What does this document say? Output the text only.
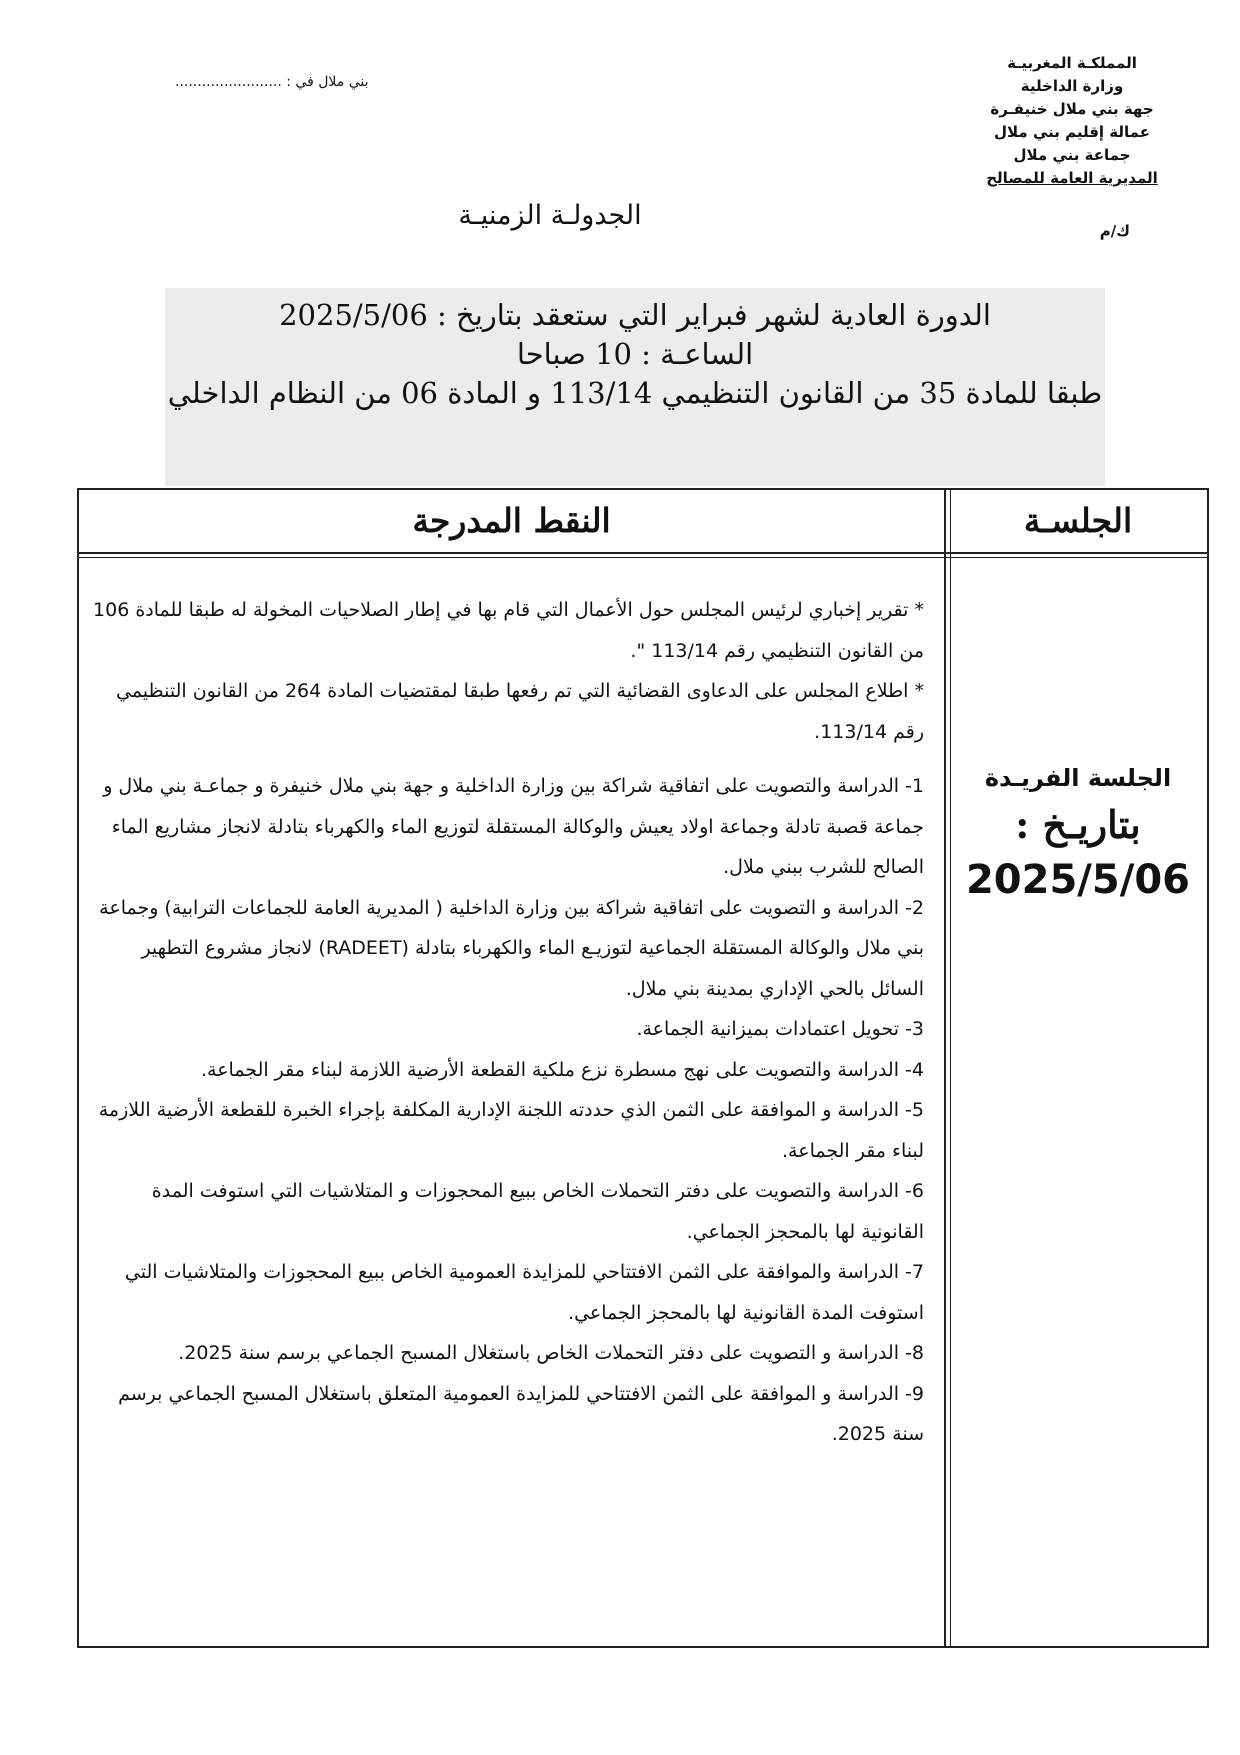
المملكـة المغربيـة
وزارة الداخلية
جهة بني ملال خنيفـرة
عمالة إقليم بني ملال
جماعة بني ملال
المديرية العامة للمصالح
ك/م
بني ملال في : ........................
الجدولـة الزمنيـة
الدورة العادية لشهر فبراير التي ستعقد بتاريخ : 2025/5/06
الساعـة : 10 صباحا
طبقا للمادة 35 من القانون التنظيمي 113/14 و المادة 06 من النظام الداخلي
الجلسـة
النقط المدرجة
الجلسة الفريـدة
بتاريـخ :
2025/5/06
* تقرير إخباري لرئيس المجلس حول الأعمال التي قام بها في إطار الصلاحيات المخولة له طبقا للمادة 106 من القانون التنظيمي رقم 113/14 ".
* اطلاع المجلس على الدعاوى القضائية التي تم رفعها طبقا لمقتضيات المادة 264 من القانون التنظيمي رقم 113/14.
1- الدراسة والتصويت على اتفاقية شراكة بين وزارة الداخلية و جهة بني ملال خنيفرة و جماعـة بني ملال و جماعة قصبة تادلة وجماعة اولاد يعيش والوكالة المستقلة لتوزيع الماء والكهرباء بتادلة لانجاز مشاريع الماء الصالح للشرب ببني ملال.
2- الدراسة و التصويت على اتفاقية شراكة بين وزارة الداخلية ( المديرية العامة للجماعات الترابية) وجماعة بني ملال والوكالة المستقلة الجماعية لتوزيـع الماء والكهرباء بتادلة (RADEET) لانجاز مشروع التطهير السائل بالحي الإداري بمدينة بني ملال.
3- تحويل اعتمادات بميزانية الجماعة.
4- الدراسة والتصويت على نهج مسطرة نزع ملكية القطعة الأرضية اللازمة لبناء مقر الجماعة.
5- الدراسة و الموافقة على الثمن الذي حددته اللجنة الإدارية المكلفة بإجراء الخبرة للقطعة الأرضية اللازمة لبناء مقر الجماعة.
6- الدراسة والتصويت على دفتر التحملات الخاص ببيع المحجوزات و المتلاشيات التي استوفت المدة القانونية لها بالمحجز الجماعي.
7- الدراسة والموافقة على الثمن الافتتاحي للمزايدة العمومية الخاص ببيع المحجوزات والمتلاشيات التي استوفت المدة القانونية لها بالمحجز الجماعي.
8- الدراسة و التصويت على دفتر التحملات الخاص باستغلال المسبح الجماعي برسم سنة 2025.
9- الدراسة و الموافقة على الثمن الافتتاحي للمزايدة العمومية المتعلق باستغلال المسبح الجماعي برسم سنة 2025.
